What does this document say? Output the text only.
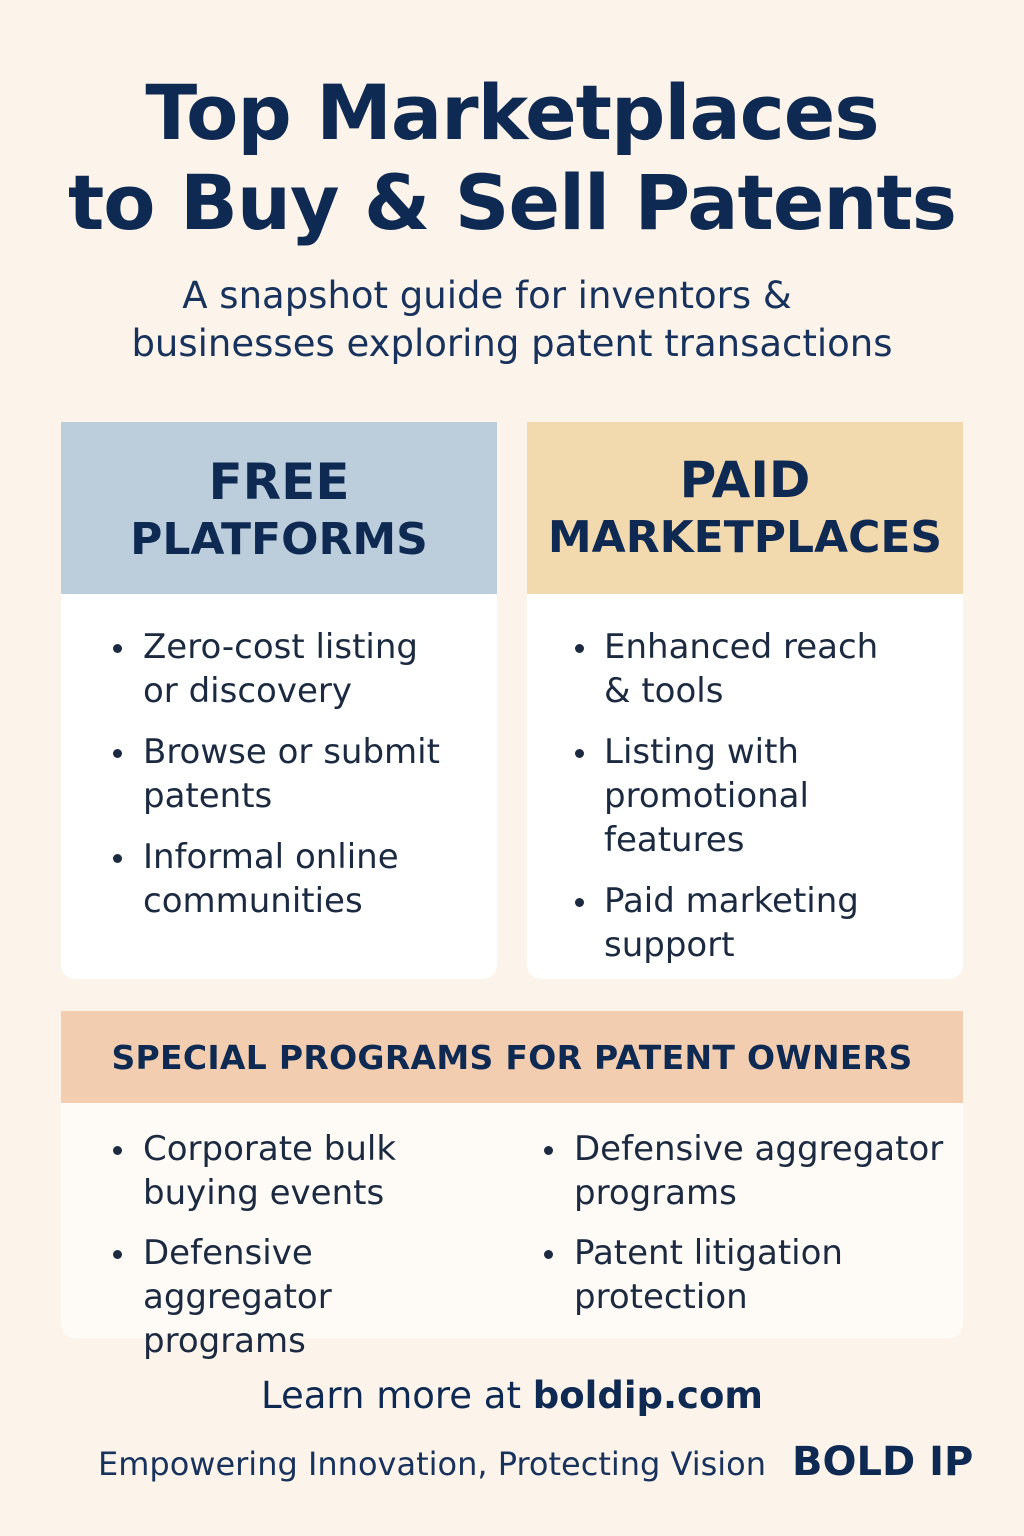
Top Marketplaces
to Buy & Sell Patents
A snapshot guide for inventors &
businesses exploring patent transactions
FREE
PLATFORMS
Zero-cost listing
or discovery
Browse or submit
patents
Informal online
communities
PAID
MARKETPLACES
Enhanced reach
& tools
Listing with
promotional
features
Paid marketing
support
SPECIAL PROGRAMS FOR PATENT OWNERS
Corporate bulk
buying events
Defensive aggregator
programs
Defensive aggregator
programs
Patent litigation
protection
Learn more at boldip.com
Empowering Innovation, Protecting Vision BOLD IP
